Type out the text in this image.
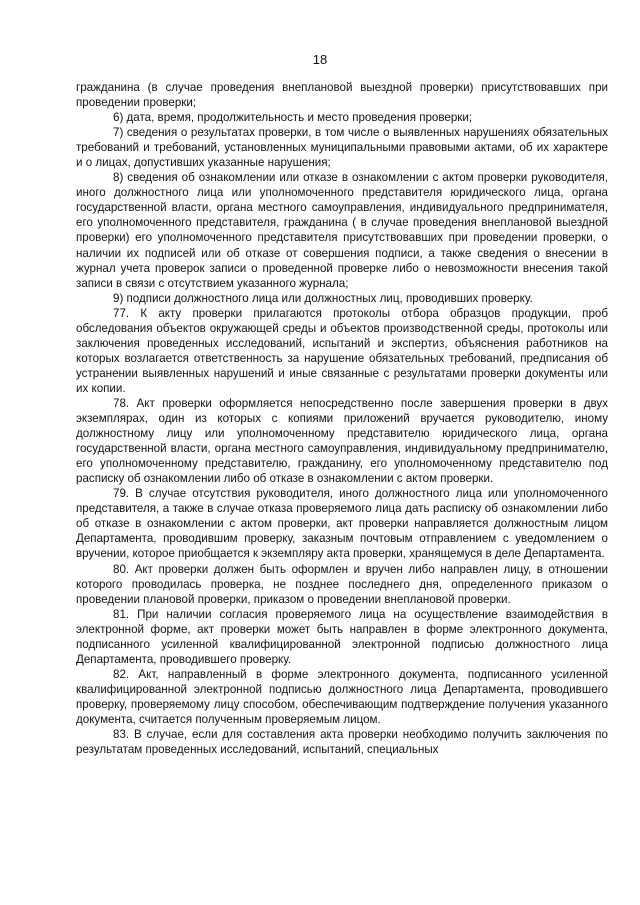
18

гражданина (в случае проведения внеплановой выездной проверки) присутствовавших при проведении проверки;

6) дата, время, продолжительность и место проведения проверки;

7) сведения о результатах проверки, в том числе о выявленных нарушениях обязательных требований и требований, установленных муниципальными правовыми актами, об их характере и о лицах, допустивших указанные нарушения;

8) сведения об ознакомлении или отказе в ознакомлении с актом проверки руководителя, иного должностного лица или уполномоченного представителя юридического лица, органа государственной власти, органа местного самоуправления, индивидуального предпринимателя, его уполномоченного представителя, гражданина ( в случае проведения внеплановой выездной проверки) его уполномоченного представителя присутствовавших при проведении проверки, о наличии их подписей или об отказе от совершения подписи, а также сведения о внесении в журнал учета проверок записи о проведенной проверке либо о невозможности внесения такой записи в связи с отсутствием указанного журнала;

9) подписи должностного лица или должностных лиц, проводивших проверку.

77. К акту проверки прилагаются протоколы отбора образцов продукции, проб обследования объектов окружающей среды и объектов производственной среды, протоколы или заключения проведенных исследований, испытаний и экспертиз, объяснения работников на которых возлагается ответственность за нарушение обязательных требований, предписания об устранении выявленных нарушений и иные связанные с результатами проверки документы или их копии.

78. Акт проверки оформляется непосредственно после завершения проверки в двух экземплярах, один из которых с копиями приложений вручается руководителю, иному должностному лицу или уполномоченному представителю юридического лица, органа государственной власти, органа местного самоуправления, индивидуальному предпринимателю, его уполномоченному представителю, гражданину, его уполномоченному представителю под расписку об ознакомлении либо об отказе в ознакомлении с актом проверки.

79. В случае отсутствия руководителя, иного должностного лица или уполномоченного представителя, а также в случае отказа проверяемого лица дать расписку об ознакомлении либо об отказе в ознакомлении с актом проверки, акт проверки направляется должностным лицом Департамента, проводившим проверку, заказным почтовым отправлением с уведомлением о вручении, которое приобщается к экземпляру акта проверки, хранящемуся в деле Департамента.

80. Акт проверки должен быть оформлен и вручен либо направлен лицу, в отношении которого проводилась проверка, не позднее последнего дня, определенного приказом о проведении плановой проверки, приказом о проведении внеплановой проверки.

81. При наличии согласия проверяемого лица на осуществление взаимодействия в электронной форме, акт проверки может быть направлен в форме электронного документа, подписанного усиленной квалифицированной электронной подписью должностного лица Департамента, проводившего проверку.

82. Акт, направленный в форме электронного документа, подписанного усиленной квалифицированной электронной подписью должностного лица Департамента, проводившего проверку, проверяемому лицу способом, обеспечивающим подтверждение получения указанного документа, считается полученным проверяемым лицом.

83. В случае, если для составления акта проверки необходимо получить заключения по результатам проведенных исследований, испытаний, специальных
